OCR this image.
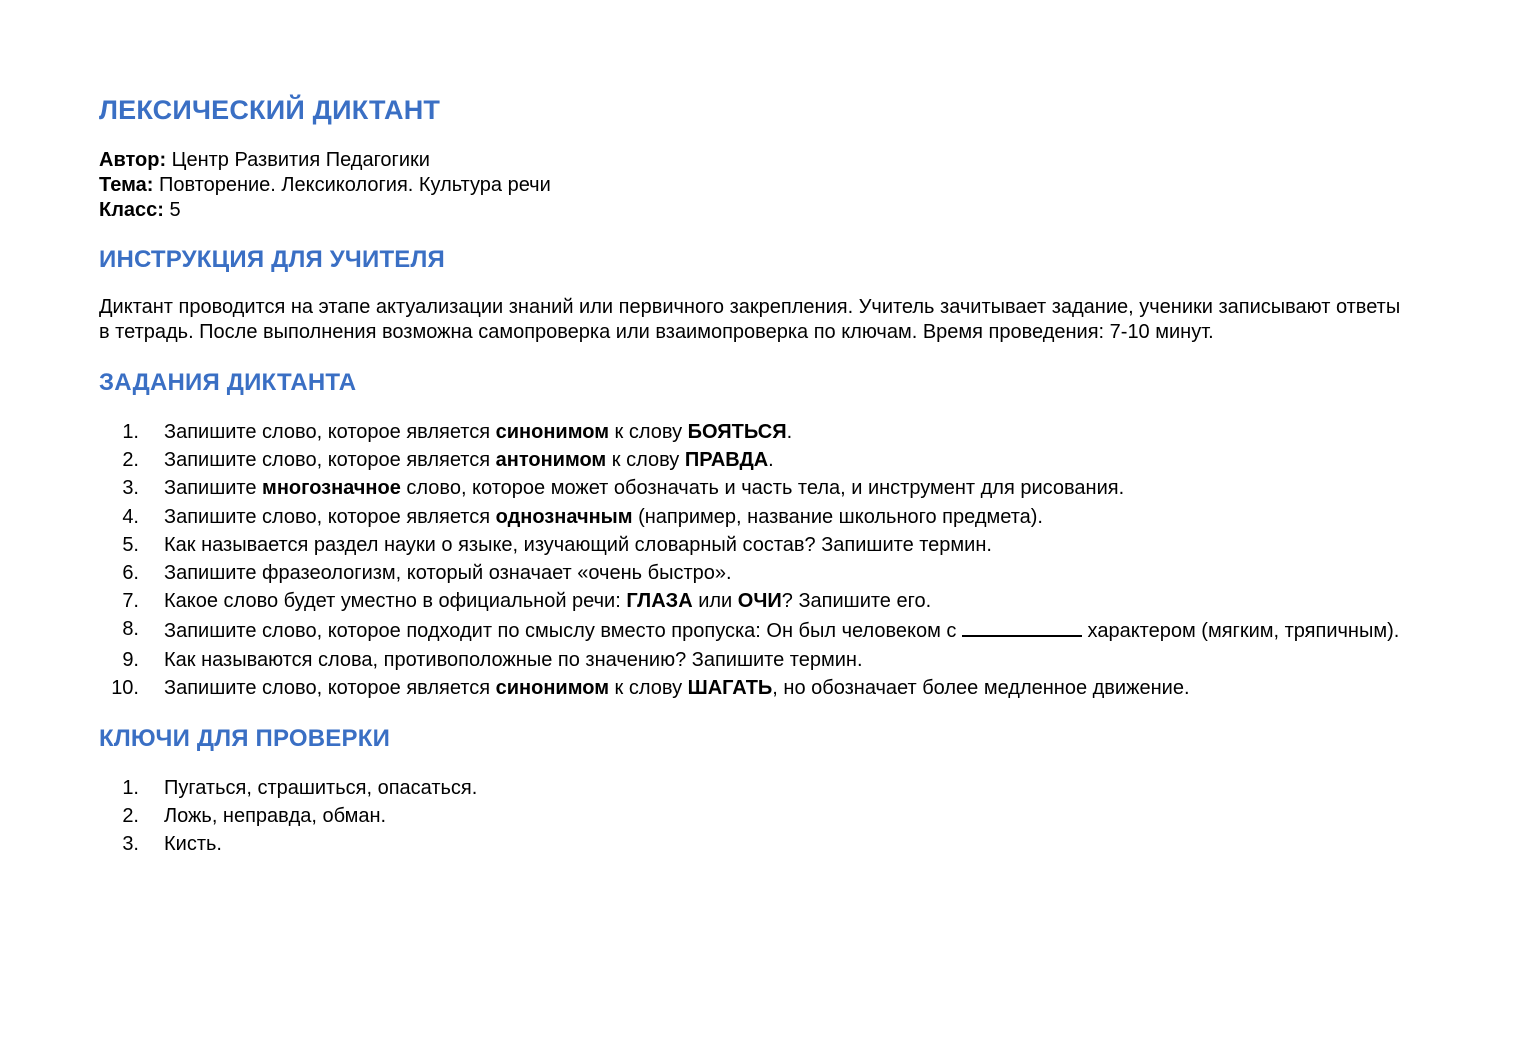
ЛЕКСИЧЕСКИЙ ДИКТАНТ
Автор: Центр Развития Педагогики
Тема: Повторение. Лексикология. Культура речи
Класс: 5
ИНСТРУКЦИЯ ДЛЯ УЧИТЕЛЯ
Диктант проводится на этапе актуализации знаний или первичного закрепления. Учитель зачитывает задание, ученики записывают ответы в тетрадь. После выполнения возможна самопроверка или взаимопроверка по ключам. Время проведения: 7-10 минут.
ЗАДАНИЯ ДИКТАНТА
1. Запишите слово, которое является синонимом к слову БОЯТЬСЯ.
2. Запишите слово, которое является антонимом к слову ПРАВДА.
3. Запишите многозначное слово, которое может обозначать и часть тела, и инструмент для рисования.
4. Запишите слово, которое является однозначным (например, название школьного предмета).
5. Как называется раздел науки о языке, изучающий словарный состав? Запишите термин.
6. Запишите фразеологизм, который означает «очень быстро».
7. Какое слово будет уместно в официальной речи: ГЛАЗА или ОЧИ? Запишите его.
8. Запишите слово, которое подходит по смыслу вместо пропуска: Он был человеком с	характером (мягким, тряпичным).
9. Как называются слова, противоположные по значению? Запишите термин.
10. Запишите слово, которое является синонимом к слову ШАГАТЬ, но обозначает более медленное движение.
КЛЮЧИ ДЛЯ ПРОВЕРКИ
1. Пугаться, страшиться, опасаться.
2. Ложь, неправда, обман.
3. Кисть.
